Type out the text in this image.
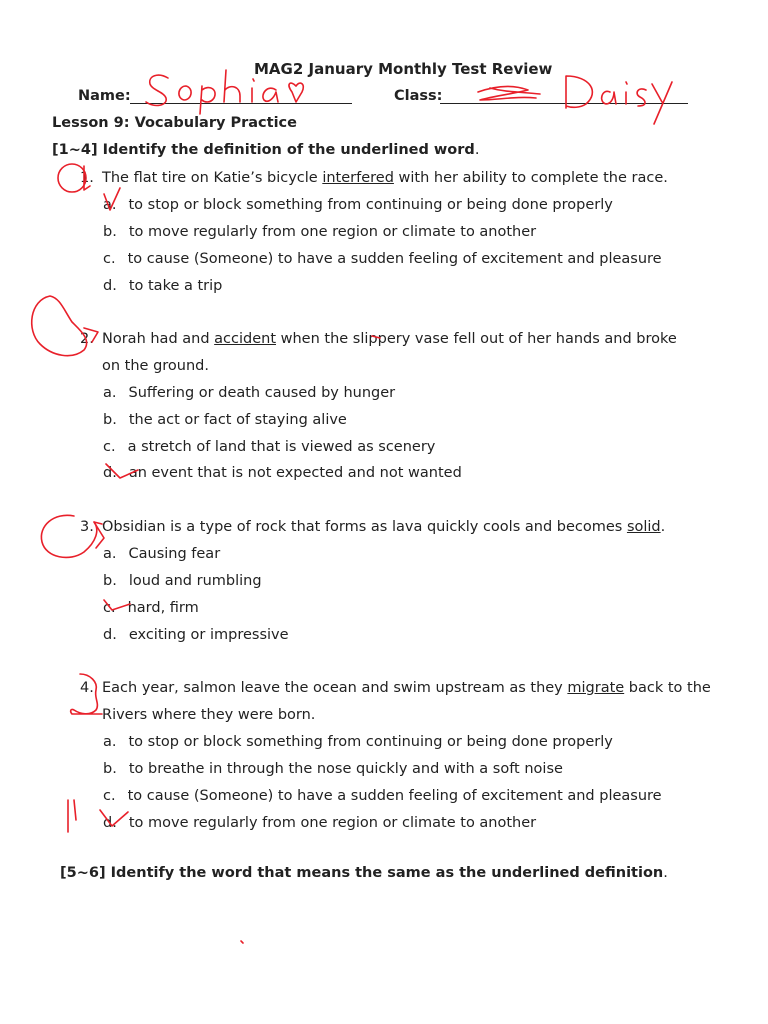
MAG2 January Monthly Test Review
Name:	Class:
Lesson 9: Vocabulary Practice
[1~4] Identify the definition of the underlined word.
1. The flat tire on Katie’s bicycle interfered with her ability to complete the race.
a. to stop or block something from continuing or being done properly
b. to move regularly from one region or climate to another
c. to cause (Someone) to have a sudden feeling of excitement and pleasure
d. to take a trip
2. Norah had and accident when the slippery vase fell out of her hands and broke
on the ground.
a. Suffering or death caused by hunger
b. the act or fact of staying alive
c. a stretch of land that is viewed as scenery
d. an event that is not expected and not wanted
3. Obsidian is a type of rock that forms as lava quickly cools and becomes solid.
a. Causing fear
b. loud and rumbling
c. hard, firm
d. exciting or impressive
4. Each year, salmon leave the ocean and swim upstream as they migrate back to the
Rivers where they were born.
a. to stop or block something from continuing or being done properly
b. to breathe in through the nose quickly and with a soft noise
c. to cause (Someone) to have a sudden feeling of excitement and pleasure
d. to move regularly from one region or climate to another
[5~6] Identify the word that means the same as the underlined definition.
